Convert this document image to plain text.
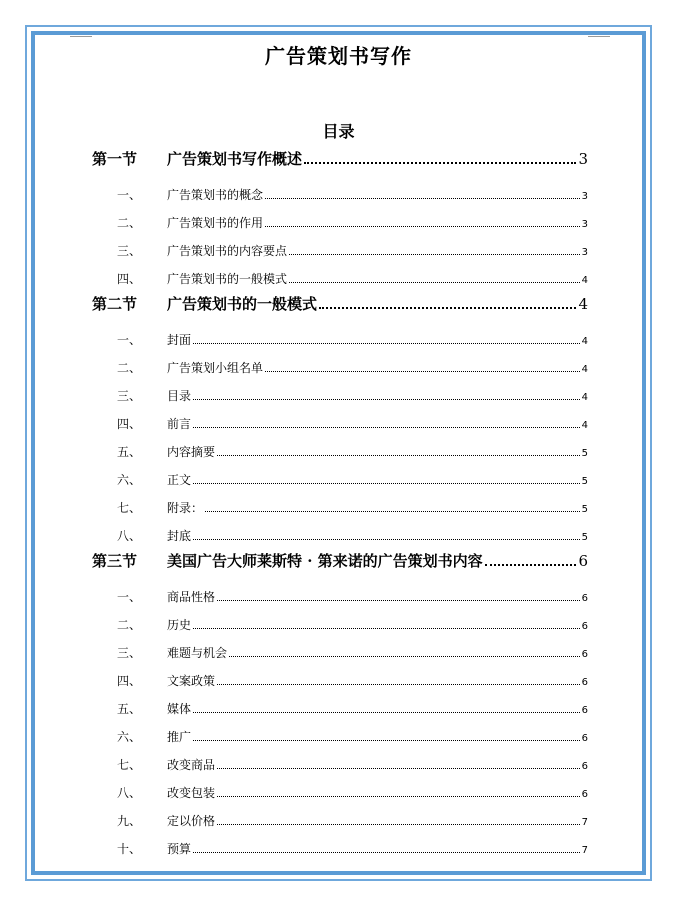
广告策划书写作
目录
第一节	广告策划书写作概述	3
一、	广告策划书的概念	3
二、	广告策划书的作用	3
三、	广告策划书的内容要点	3
四、	广告策划书的一般模式	4
第二节	广告策划书的一般模式	4
一、	封面	4
二、	广告策划小组名单	4
三、	目录	4
四、	前言	4
五、	内容摘要	5
六、	正文	5
七、	附录：	5
八、	封底	5
第三节	美国广告大师莱斯特 · 第来诺的广告策划书内容	6
一、	商品性格	6
二、	历史	6
三、	难题与机会	6
四、	文案政策	6
五、	媒体	6
六、	推广	6
七、	改变商品	6
八、	改变包装	6
九、	定以价格	7
十、	预算	7
